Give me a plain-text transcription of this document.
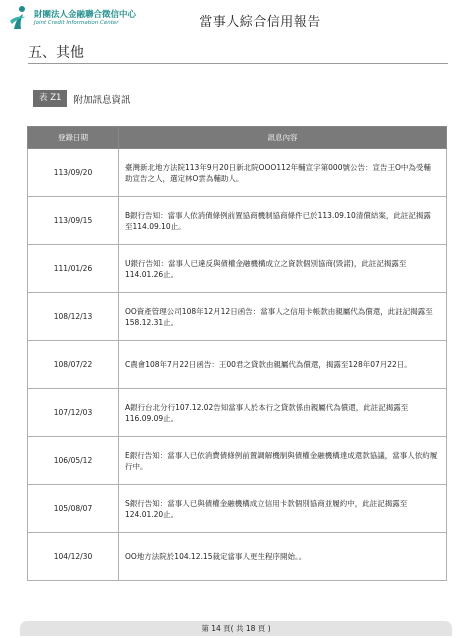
財團法人金融聯合徵信中心
Joint Credit Information Center	當事人綜合信用報告
五、其他
表 Z1	附加訊息資訊
登錄日期	訊息內容
113/09/20	臺灣新北地方法院113年9月20日新北院OOO112年輔宣字第000號公告：宣告王O中為受輔助宣告之人，選定林O雲為輔助人。
113/09/15	B銀行告知：當事人依消債條例前置協商機制協商條件已於113.09.10清償結案，此註記揭露至114.09.10止。
111/01/26	U銀行告知：當事人已違反與債權金融機構成立之資款個別協商(毀諾)，此註記揭露至114.01.26止。
108/12/13	OO資產管理公司108年12月12日函告：當事人之信用卡帳款由親屬代為償還，此註記揭露至158.12.31止。
108/07/22	C農會108年7月22日函告：王00君之貸款由親屬代為償還，揭露至128年07月22日。
107/12/03	A銀行台北分行107.12.02告知當事人於本行之貸款係由親屬代為償還，此註記揭露至116.09.09止。
106/05/12	E銀行告知：當事人已依消費債條例前置調解機制與債權金融機構達成還款協議，當事人依約履行中。
105/08/07	S銀行告知：當事人已與債權金融機構成立信用卡款個別協商並履約中，此註記揭露至124.01.20止。
104/12/30	OO地方法院於104.12.15裁定當事人更生程序開始。。
第 14 頁( 共 18 頁 )
